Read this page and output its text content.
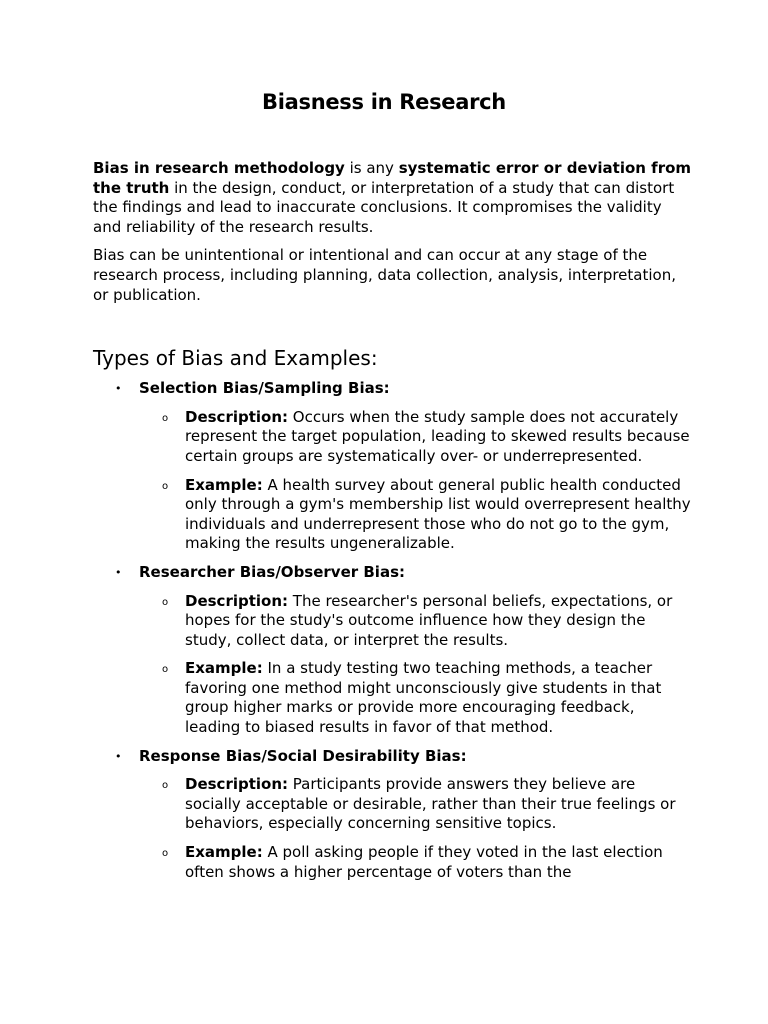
Biasness in Research

Bias in research methodology is any systematic error or deviation from the truth in the design, conduct, or interpretation of a study that can distort the findings and lead to inaccurate conclusions. It compromises the validity and reliability of the research results.

Bias can be unintentional or intentional and can occur at any stage of the research process, including planning, data collection, analysis, interpretation, or publication.

Types of Bias and Examples:
• Selection Bias/Sampling Bias:
o Description: Occurs when the study sample does not accurately represent the target population, leading to skewed results because certain groups are systematically over- or underrepresented.
o Example: A health survey about general public health conducted only through a gym's membership list would overrepresent healthy individuals and underrepresent those who do not go to the gym, making the results ungeneralizable.
• Researcher Bias/Observer Bias:
o Description: The researcher's personal beliefs, expectations, or hopes for the study's outcome influence how they design the study, collect data, or interpret the results.
o Example: In a study testing two teaching methods, a teacher favoring one method might unconsciously give students in that group higher marks or provide more encouraging feedback, leading to biased results in favor of that method.
• Response Bias/Social Desirability Bias:
o Description: Participants provide answers they believe are socially acceptable or desirable, rather than their true feelings or behaviors, especially concerning sensitive topics.
o Example: A poll asking people if they voted in the last election often shows a higher percentage of voters than the
